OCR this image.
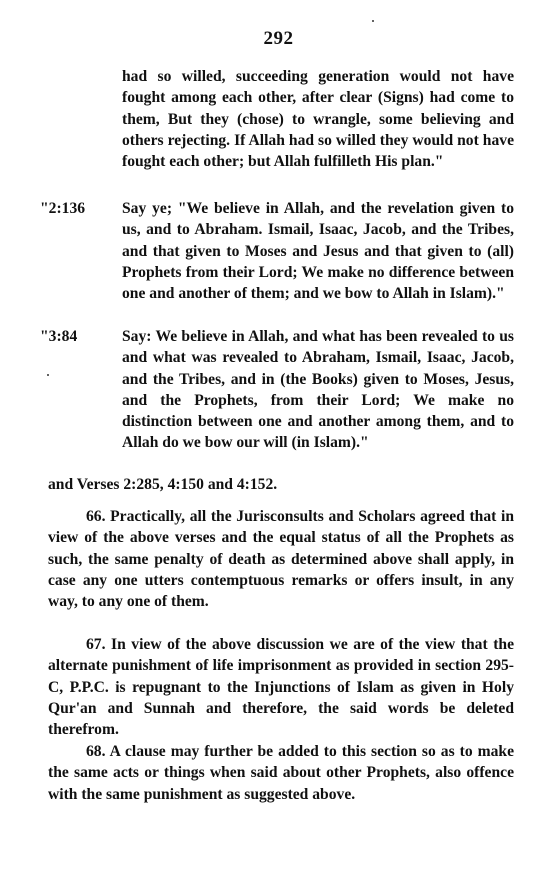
292
had so willed, succeeding generation would not have fought among each other, after clear (Signs) had come to them, But they (chose) to wrangle, some believing and others rejecting. If Allah had so willed they would not have fought each other; but Allah fulfilleth His plan."
"2:136	Say ye; "We believe in Allah, and the revelation given to us, and to Abraham. Ismail, Isaac, Jacob, and the Tribes, and that given to Moses and Jesus and that given to (all) Prophets from their Lord; We make no difference between one and another of them; and we bow to Allah in Islam)."
"3:84	Say: We believe in Allah, and what has been revealed to us and what was revealed to Abraham, Ismail, Isaac, Jacob, and the Tribes, and in (the Books) given to Moses, Jesus, and the Prophets, from their Lord; We make no distinction between one and another among them, and to Allah do we bow our will (in Islam)."
and Verses 2:285, 4:150 and 4:152.
66. Practically, all the Jurisconsults and Scholars agreed that in view of the above verses and the equal status of all the Prophets as such, the same penalty of death as determined above shall apply, in case any one utters contemptuous remarks or offers insult, in any way, to any one of them.
67. In view of the above discussion we are of the view that the alternate punishment of life imprisonment as provided in section 295-C, P.P.C. is repugnant to the Injunctions of Islam as given in Holy Qur'an and Sunnah and therefore, the said words be deleted therefrom.
68. A clause may further be added to this section so as to make the same acts or things when said about other Prophets, also offence with the same punishment as suggested above.
